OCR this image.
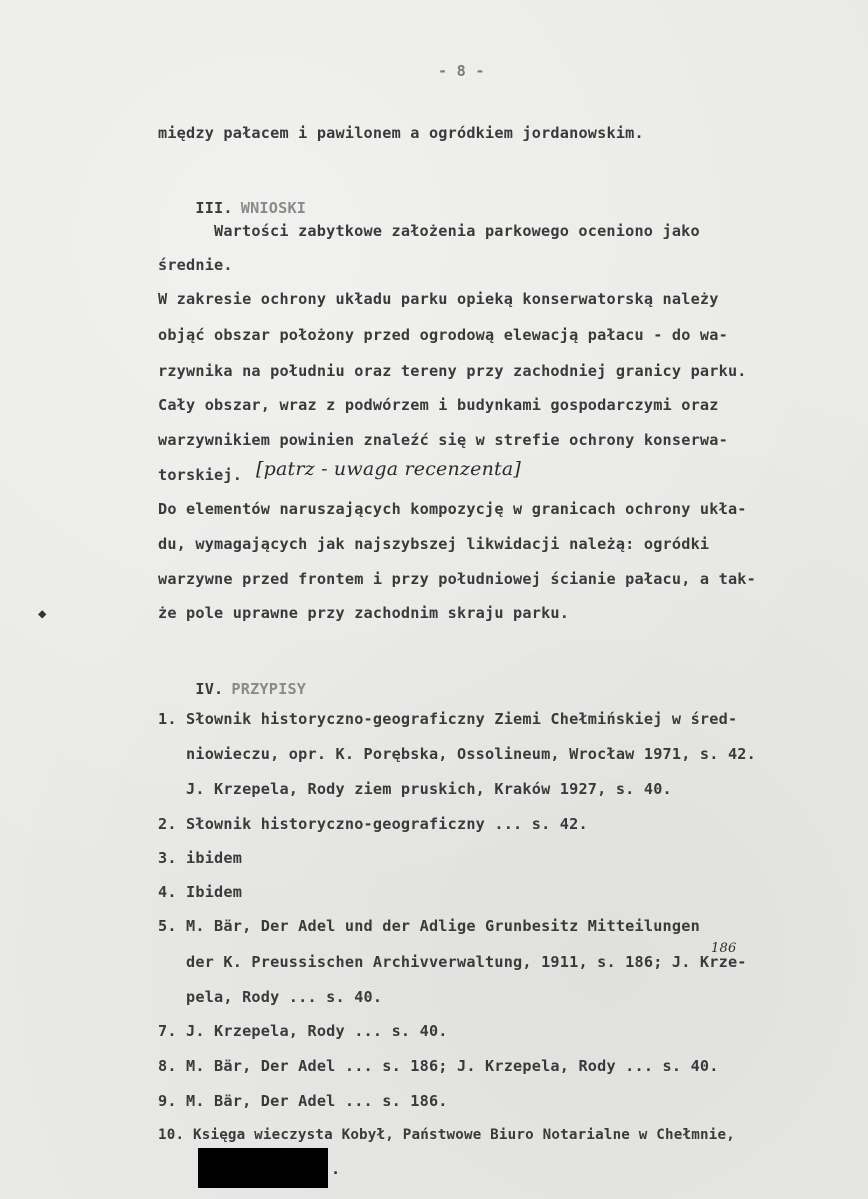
- 8 -
między pałacem i pawilonem a ogródkiem jordanowskim.

III. WNIOSKI

Wartości zabytkowe założenia parkowego oceniono jako
średnie.
W zakresie ochrony układu parku opieką konserwatorską należy
objąć obszar położony przed ogrodową elewacją pałacu - do wa-
rzywnika na południu oraz tereny przy zachodniej granicy parku.
Cały obszar, wraz z podwórzem i budynkami gospodarczymi oraz
warzywnikiem powinien znaleźć się w strefie ochrony konserwa-
torskiej. [patrz - uwaga recenzenta]
Do elementów naruszających kompozycję w granicach ochrony ukła-
du, wymagających jak najszybszej likwidacji należą: ogródki
warzywne przed frontem i przy południowej ścianie pałacu, a tak-
że pole uprawne przy zachodnim skraju parku.

IV. PRZYPISY

1. Słownik historyczno-geograficzny Ziemi Chełmińskiej w śred-
niowieczu, opr. K. Porębska, Ossolineum, Wrocław 1971, s. 42.
J. Krzepela, Rody ziem pruskich, Kraków 1927, s. 40.
2. Słownik historyczno-geograficzny ... s. 42.
3. ibidem
4. Ibidem
5. M. Bär, Der Adel und der Adlige Grunbesitz Mitteilungen
der K. Preussischen Archivverwaltung, 1911, s. 186; J. Krze-
pela, Rody ... s. 40.
7. J. Krzepela, Rody ... s. 40.
8. M. Bär, Der Adel ... s. 186; J. Krzepela, Rody ... s. 40.
9. M. Bär, Der Adel ... s. 186.
10. Księga wieczysta Kobył, Państwowe Biuro Notarialne w Chełmnie,
186
.
◆
